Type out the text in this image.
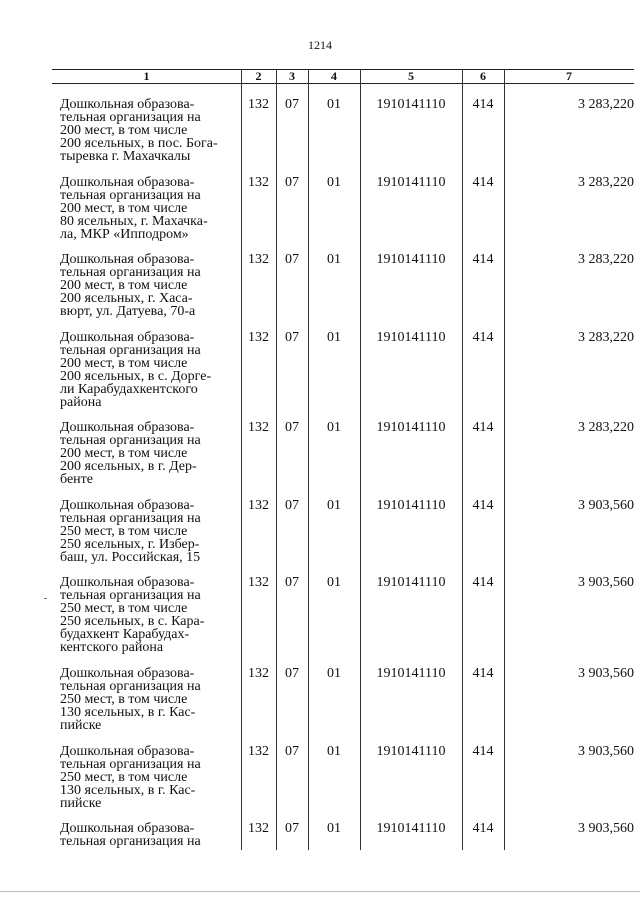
1214
1	2	3	4	5	6	7
Дошкольная образова-
тельная организация на
200 мест, в том числе
200 ясельных, в пос. Бога-
тыревка г. Махачкалы
132	07	01	1910141110	414	3 283,220
Дошкольная образова-
тельная организация на
200 мест, в том числе
80 ясельных, г. Махачка-
ла, МКР «Ипподром»
132	07	01	1910141110	414	3 283,220
Дошкольная образова-
тельная организация на
200 мест, в том числе
200 ясельных, г. Хаса-
вюрт, ул. Датуева, 70-а
132	07	01	1910141110	414	3 283,220
Дошкольная образова-
тельная организация на
200 мест, в том числе
200 ясельных, в с. Дорге-
ли Карабудахкентского
района
132	07	01	1910141110	414	3 283,220
Дошкольная образова-
тельная организация на
200 мест, в том числе
200 ясельных, в г. Дер-
бенте
132	07	01	1910141110	414	3 283,220
Дошкольная образова-
тельная организация на
250 мест, в том числе
250 ясельных, г. Избер-
баш, ул. Российская, 15
132	07	01	1910141110	414	3 903,560
Дошкольная образова-
тельная организация на
250 мест, в том числе
250 ясельных, в с. Кара-
будахкент Карабудах-
кентского района
132	07	01	1910141110	414	3 903,560
Дошкольная образова-
тельная организация на
250 мест, в том числе
130 ясельных, в г. Кас-
пийске
132	07	01	1910141110	414	3 903,560
Дошкольная образова-
тельная организация на
250 мест, в том числе
130 ясельных, в г. Кас-
пийске
132	07	01	1910141110	414	3 903,560
Дошкольная образова-
тельная организация на
132	07	01	1910141110	414	3 903,560
